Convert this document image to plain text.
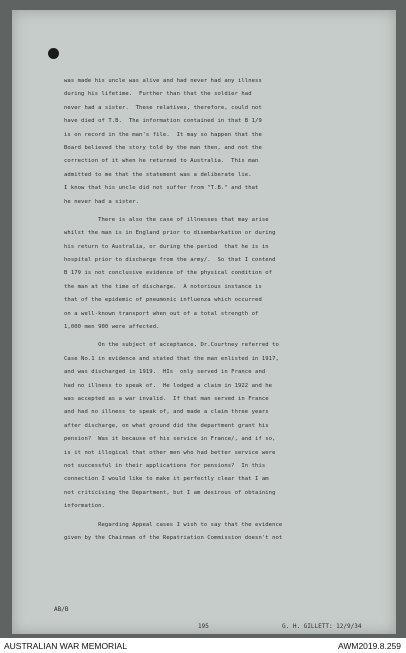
was made his uncle was alive and had never had any illness
during his lifetime.  Further than that the soldier had
never had a sister.  These relatives, therefore, could not
have died of T.B.  The information contained in that B 1/9
is on record in the man's file.  It may so happen that the
Board believed the story told by the man then, and not the
correction of it when he returned to Australia.  This man
admitted to me that the statement was a deliberate lie.
I know that his uncle did not suffer from "T.B." and that
he never had a sister.
There is also the case of illnesses that may arise
whilst the man is in England prior to disembarkation or during
his return to Australia, or during the period  that he is in
hospital prior to discharge from the army/.  So that I contend
B 179 is not conclusive evidence of the physical condition of
the man at the time of discharge.  A notorious instance is
that of the epidemic of pneumonic influenza which occurred
on a well-known transport when out of a total strength of
1,000 men 900 were affected.
On the subject of acceptance, Dr.Courtney referred to
Case No.1 in evidence and stated that the man enlisted in 1917,
and was discharged in 1919.  HIs  only served in France and
had no illness to speak of.  He lodged a claim in 1922 and he
was accepted as a war invalid.  If that man served in France
and had no illness to speak of, and made a claim three years
after discharge, on what ground did the department grant his
pension?  Was it because of his service in France/, and if so,
is it not illogical that other men who had better service were
not successful in their applications for pensions?  In this
connection I would like to make it perfectly clear that I am
not criticising the Department, but I am desirous of obtaining
information.
Regarding Appeal cases I wish to say that the evidence
given by the Chairman of the Repatriation Commission doesn't not
AB/B
195	G. H. GILLETT: 12/9/34
AUSTRALIAN WAR MEMORIAL	AWM2019.8.259
